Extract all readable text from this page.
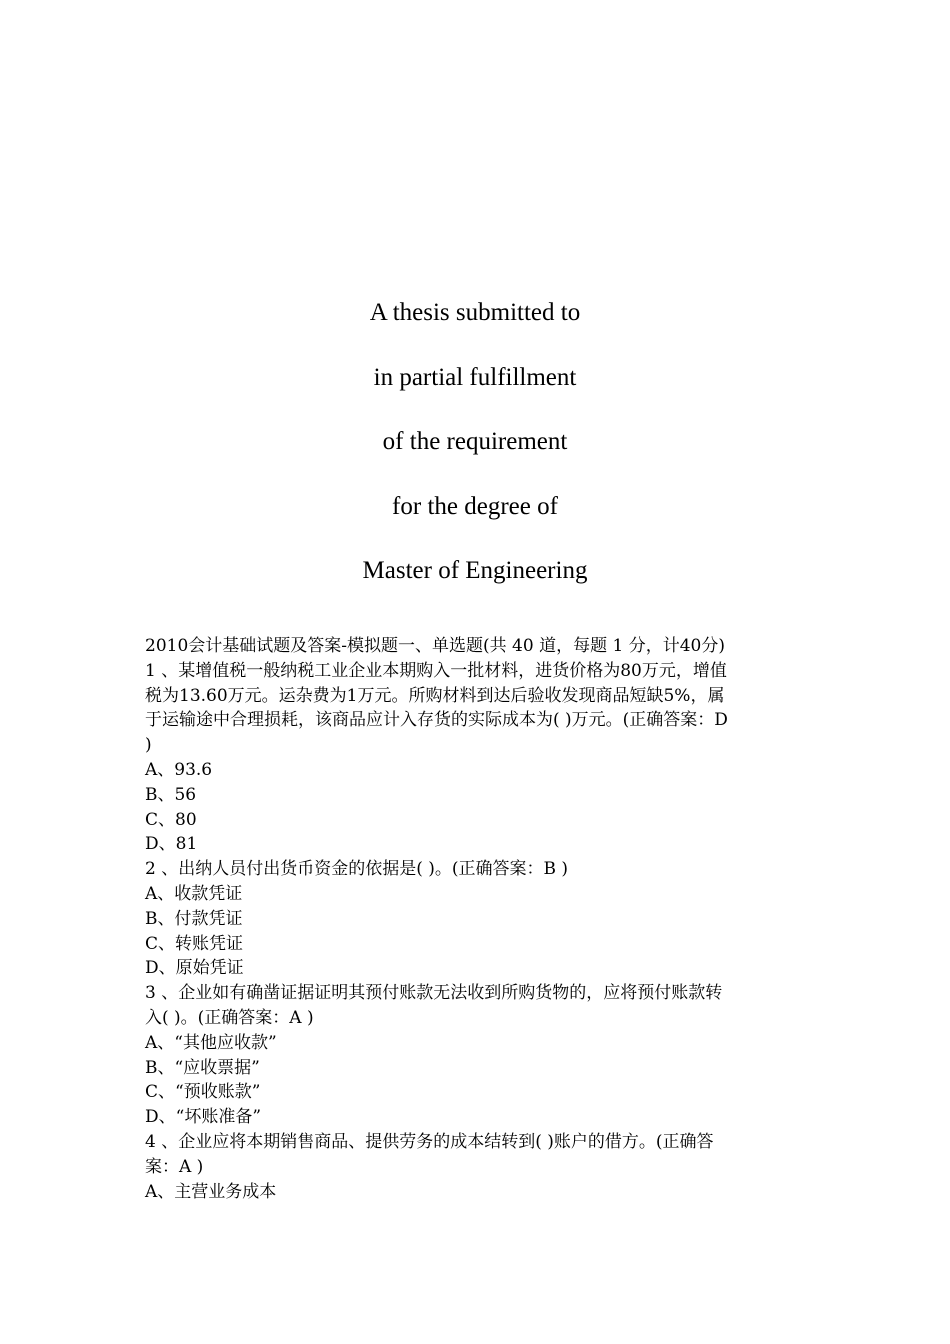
A thesis submitted to
in partial fulfillment
of the requirement
for the degree of
Master of Engineering
2010会计基础试题及答案-模拟题一、单选题(共 40 道，每题 1 分，计40分)
1 、某增值税一般纳税工业企业本期购入一批材料，进货价格为80万元，增值
税为13.60万元。运杂费为1万元。所购材料到达后验收发现商品短缺5%，属
于运输途中合理损耗，该商品应计入存货的实际成本为( )万元。(正确答案：D
)
A、93.6
B、56
C、80
D、81
2 、出纳人员付出货币资金的依据是( )。(正确答案：B )
A、收款凭证
B、付款凭证
C、转账凭证
D、原始凭证
3 、企业如有确凿证据证明其预付账款无法收到所购货物的，应将预付账款转
入( )。(正确答案：A )
A、“其他应收款”
B、“应收票据”
C、“预收账款”
D、“坏账准备”
4 、企业应将本期销售商品、提供劳务的成本结转到( )账户的借方。(正确答
案：A )
A、主营业务成本
